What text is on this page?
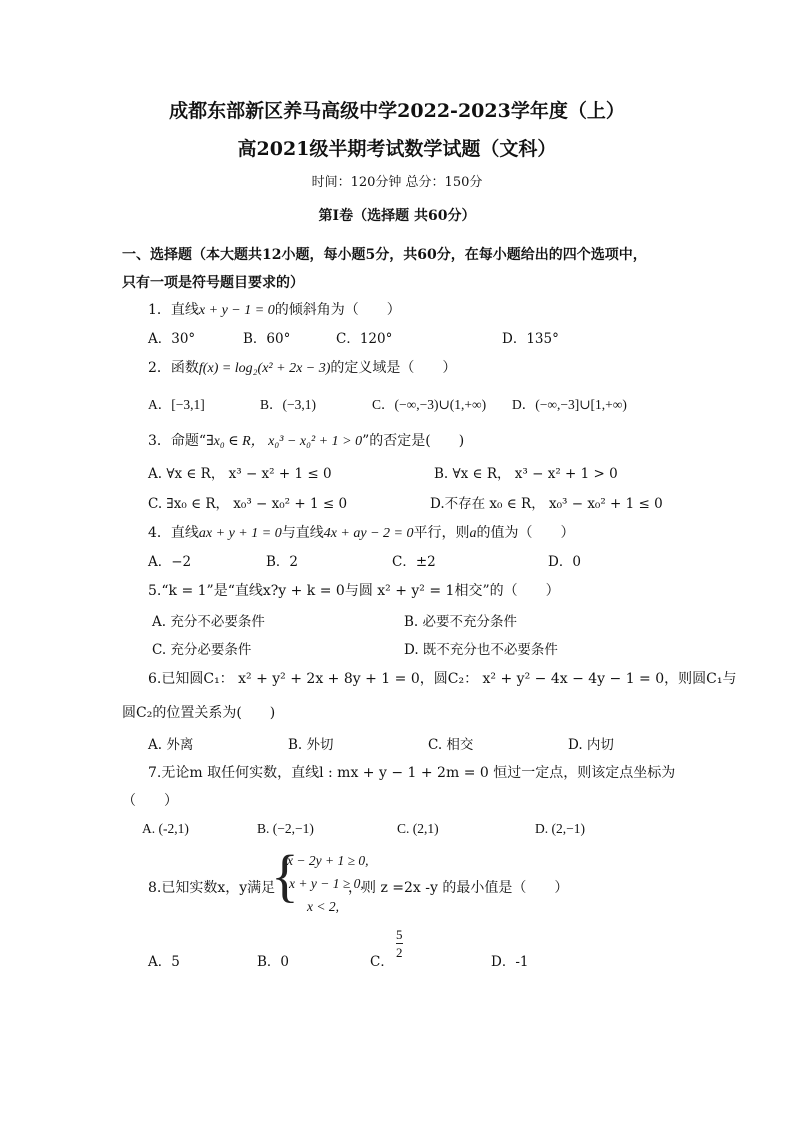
成都东部新区养马高级中学2022-2023学年度（上）
高2021级半期考试数学试题（文科）
时间：120分钟 总分：150分
第Ⅰ卷（选择题 共60分）
一、选择题（本大题共12小题，每小题5分，共60分，在每小题给出的四个选项中，
只有一项是符号题目要求的）
1．直线x + y − 1 = 0的倾斜角为（　　）
A．30°	B．60°	C．120°	D．135°
2．函数f(x) = log₂(x² + 2x − 3)的定义域是（　　）
A．[−3,1]	B．(−3,1)	C．(−∞,−3)∪(1,+∞) D．(−∞,−3]∪[1,+∞)
3．命题“∃x₀ ∈ R， x₀³ − x₀² + 1 > 0”的否定是(　　)
A. ∀x ∈ R， x³ − x² + 1 ≤ 0	B. ∀x ∈ R， x³ − x² + 1 > 0
C. ∃x₀ ∈ R， x₀³ − x₀² + 1 ≤ 0	D.不存在 x₀ ∈ R， x₀³ − x₀² + 1 ≤ 0
4．直线ax + y + 1 = 0与直线4x + ay − 2 = 0平行，则a的值为（　　）
A．−2	B．2	C．±2	D．0
5.“k = 1”是“直线x?y + k = 0与圆 x² + y² = 1相交”的（　　）
A. 充分不必要条件	B. 必要不充分条件
C. 充分必要条件	D. 既不充分也不必要条件
6.已知圆C₁： x² + y² + 2x + 8y + 1 = 0，圆C₂： x² + y² − 4x − 4y − 1 = 0，则圆C₁与
圆C₂的位置关系为(　　)
A. 外离	B. 外切	C. 相交	D. 内切
7.无论m 取任何实数，直线l : mx + y − 1 + 2m = 0 恒过一定点，则该定点坐标为
（　　）
A. (-2,1)	B. (−2,−1)	C. (2,1)	D. (2,−1)
8.已知实数x，y满足
{
x − 2y + 1 ≥ 0,
x + y − 1 ≥ 0,
x < 2,
，则 z =2x -y 的最小值是（　　）
A．5	B．0	C．
$\frac{5}{2}$
D．-1
